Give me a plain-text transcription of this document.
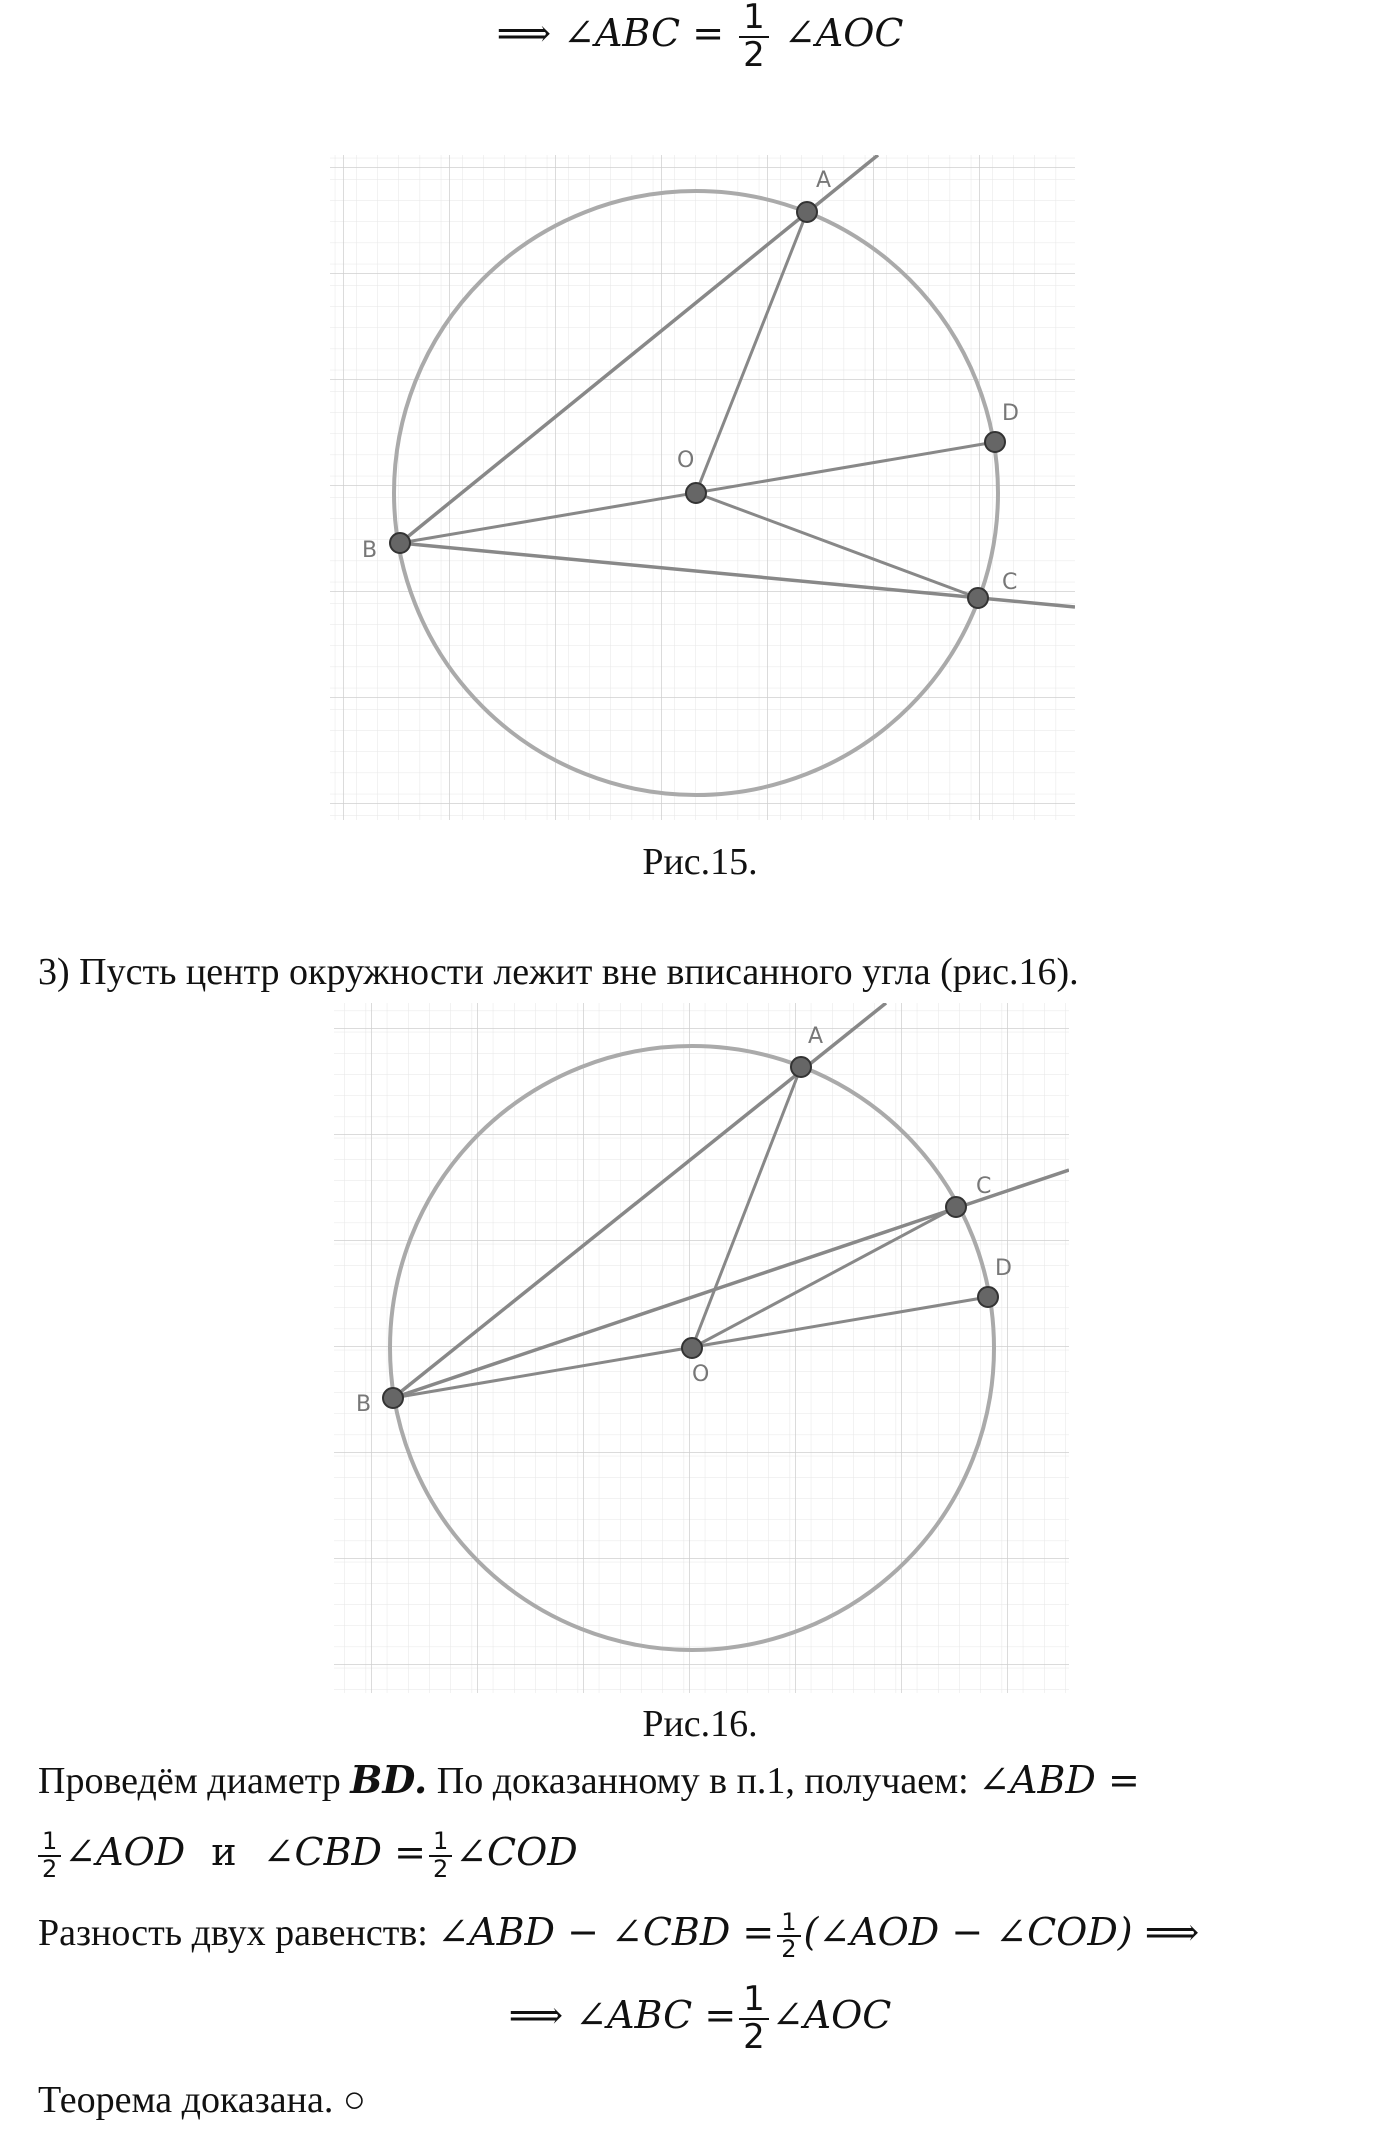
⟹ ∠ABC = $\frac{1}{2}$ ∠AOC
A
B
C
D
O
Рис.15.
3) Пусть центр окружности лежит вне вписанного угла (рис.16).
A
B
C
D
O
Рис.16.
Проведём диаметр BD. По доказанному в п.1, получаем: ∠ABD =
$\frac{1}{2}$ ∠AOD и ∠CBD = $\frac{1}{2}$ ∠COD
Разность двух равенств: ∠ABD − ∠CBD = $\frac{1}{2}$ (∠AOD − ∠COD) ⟹
⟹ ∠ABC = $\frac{1}{2}$ ∠AOC
Теорема доказана. ○
